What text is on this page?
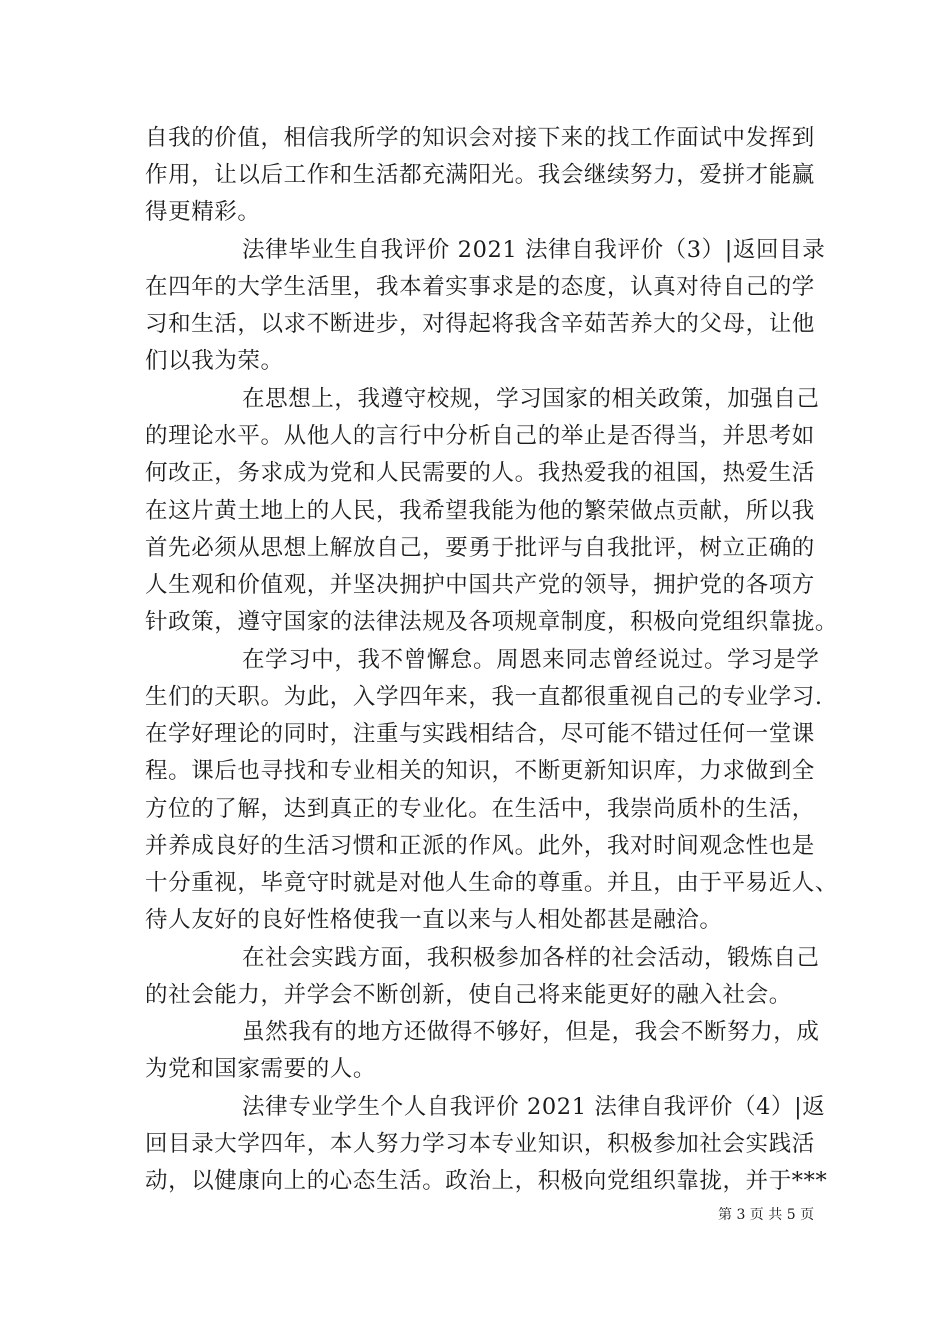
自我的价值，相信我所学的知识会对接下来的找工作面试中发挥到
作用，让以后工作和生活都充满阳光。我会继续努力，爱拼才能赢
得更精彩。
法律毕业生自我评价 2021 法律自我评价（3）|返回目录
在四年的大学生活里，我本着实事求是的态度，认真对待自己的学
习和生活，以求不断进步，对得起将我含辛茹苦养大的父母，让他
们以我为荣。
在思想上，我遵守校规，学习国家的相关政策，加强自己
的理论水平。从他人的言行中分析自己的举止是否得当，并思考如
何改正，务求成为党和人民需要的人。我热爱我的祖国，热爱生活
在这片黄土地上的人民，我希望我能为他的繁荣做点贡献，所以我
首先必须从思想上解放自己，要勇于批评与自我批评，树立正确的
人生观和价值观，并坚决拥护中国共产党的领导，拥护党的各项方
针政策，遵守国家的法律法规及各项规章制度，积极向党组织靠拢。
在学习中，我不曾懈怠。周恩来同志曾经说过。学习是学
生们的天职。为此，入学四年来，我一直都很重视自己的专业学习.
在学好理论的同时，注重与实践相结合，尽可能不错过任何一堂课
程。课后也寻找和专业相关的知识，不断更新知识库，力求做到全
方位的了解，达到真正的专业化。在生活中，我崇尚质朴的生活，
并养成良好的生活习惯和正派的作风。此外，我对时间观念性也是
十分重视，毕竟守时就是对他人生命的尊重。并且，由于平易近人、
待人友好的良好性格使我一直以来与人相处都甚是融洽。
在社会实践方面，我积极参加各样的社会活动，锻炼自己
的社会能力，并学会不断创新，使自己将来能更好的融入社会。
虽然我有的地方还做得不够好，但是，我会不断努力，成
为党和国家需要的人。
法律专业学生个人自我评价 2021 法律自我评价（4）|返
回目录大学四年，本人努力学习本专业知识，积极参加社会实践活
动，以健康向上的心态生活。政治上，积极向党组织靠拢，并于***
第 3 页 共 5 页
